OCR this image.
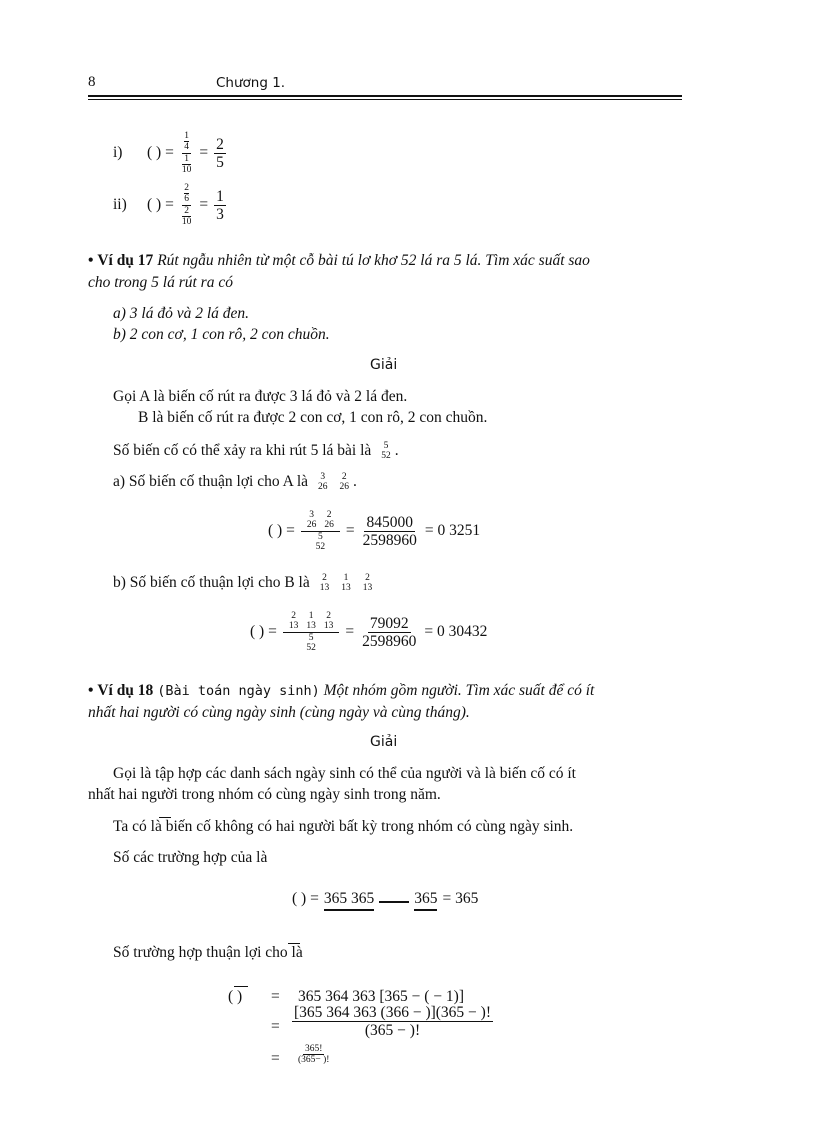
8	Chương 1.
i)	( ) = 1
4
1
$10 = \frac{2}{5}$
ii)	( ) = 2
6
2
$10 = \frac{1}{3}$
• Ví dụ 17 Rút ngẫu nhiên từ một cỗ bài tú lơ khơ 52 lá ra 5 lá. Tìm xác suất sao
cho trong 5 lá rút ra có
a) 3 lá đỏ và 2 lá đen.
b) 2 con cơ, 1 con rô, 2 con chuồn.
Giải
Gọi A là biến cố rút ra được 3 lá đỏ và 2 lá đen.
B là biến cố rút ra được 2 con cơ, 1 con rô, 2 con chuồn.
Số biến cố có thể xảy ra khi rút 5 lá bài là 5
52 .
a) Số biến cố thuận lợi cho A là 3
26
2
26 .
( ) = 3
26
2
26
5
$52 = \frac{845000}{2598960} = 0$ 3251
b) Số biến cố thuận lợi cho B là 2
13
1
13
2
13
( ) =
2
13
1
13
2
13
5
52
= $\frac{79092}{2598960} = 0$ 30432
• Ví dụ 18 (Bài toán ngày sinh) Một nhóm gồm người. Tìm xác suất để có ít
nhất hai người có cùng ngày sinh (cùng ngày và cùng tháng).
Giải
Gọi là tập hợp các danh sách ngày sinh có thể của người và là biến cố có ít
nhất hai người trong nhóm có cùng ngày sinh trong năm.
Ta có là biến cố không có hai người bất kỳ trong nhóm có cùng ngày sinh.
Số các trường hợp của là
( ) = 365 365	365 = 365
Số trường hợp thuận lợi cho là
( ) = 365 364 363 [365 − ( − 1)]
= $\frac{[365 364 363 (366 - )](365 - )!}{(365 - )!}$
= $\frac{365!}{(365- )!}$
